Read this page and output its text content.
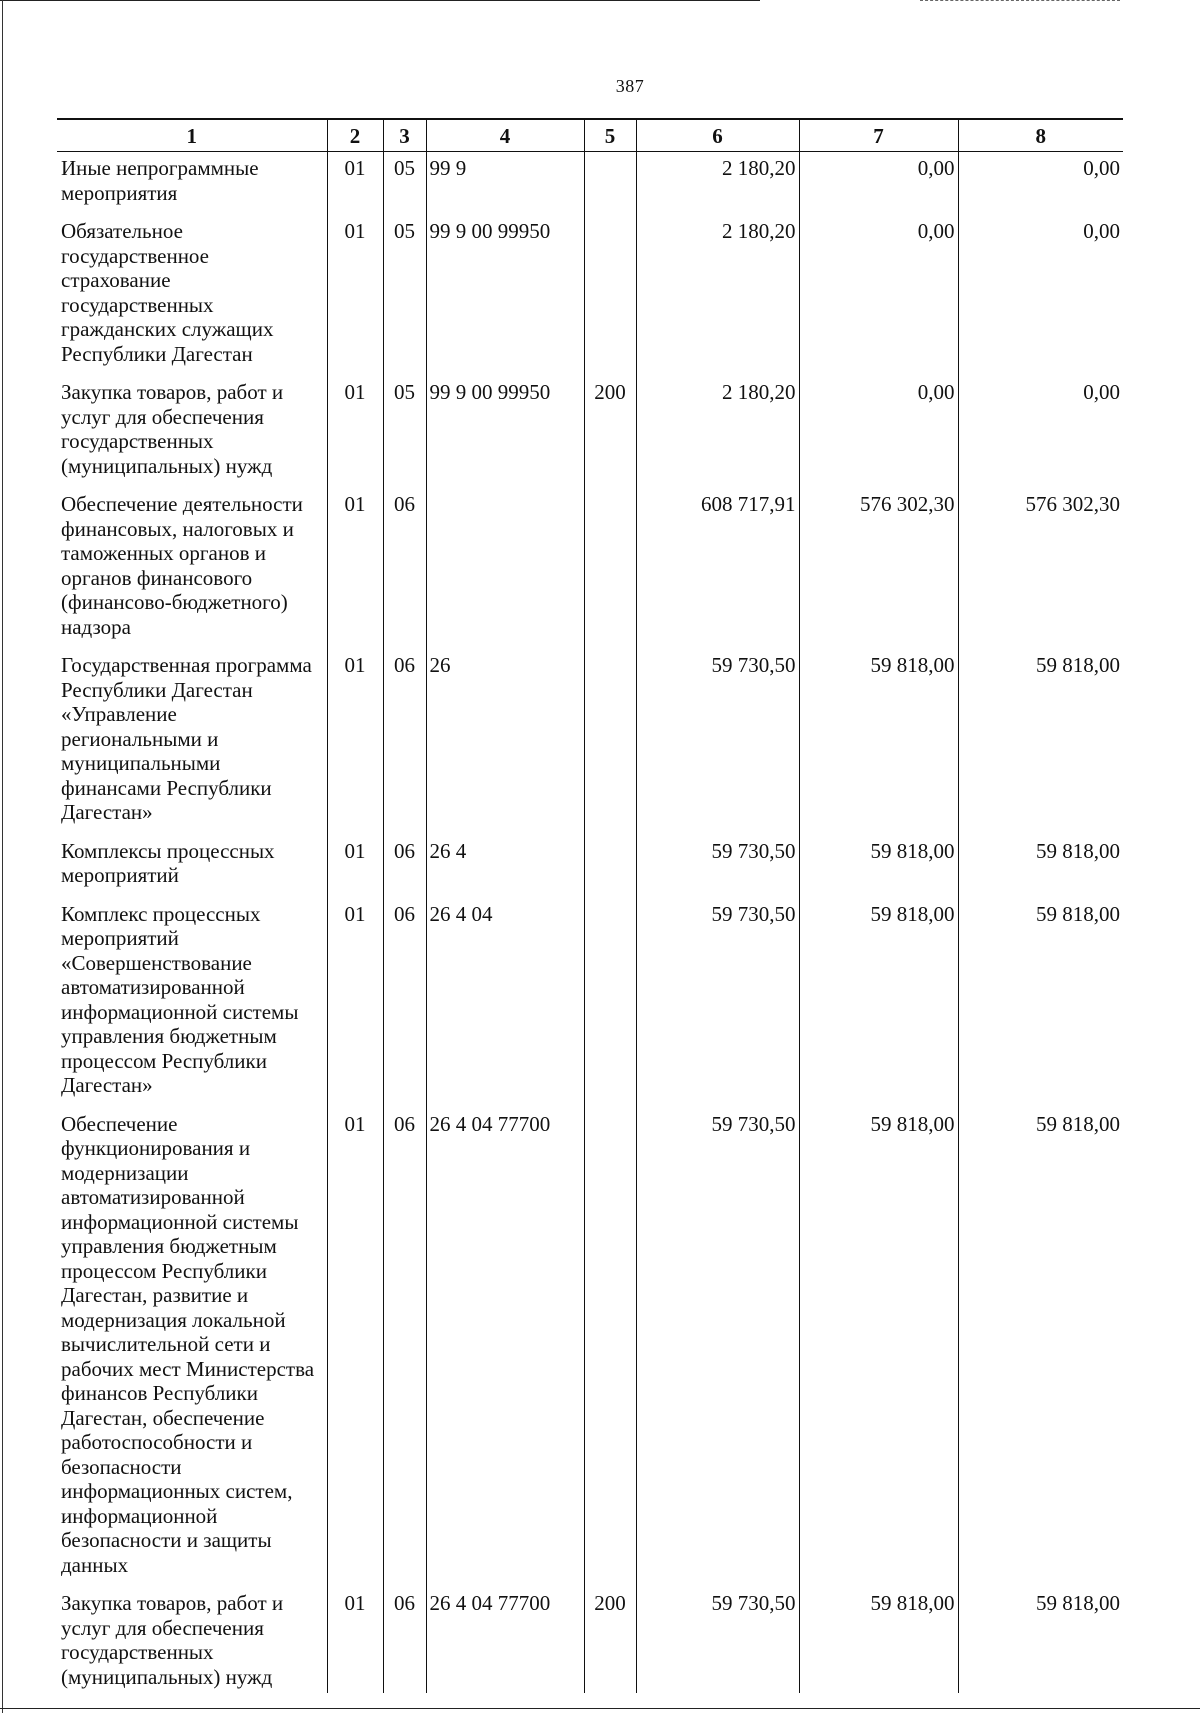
387
1	2	3	4	5	6	7	8
Иные непрограммные мероприятия	01	05	99 9		2 180,20	0,00	0,00
Обязательное государственное страхование государственных гражданских служащих Республики Дагестан	01	05	99 9 00 99950		2 180,20	0,00	0,00
Закупка товаров, работ и услуг для обеспечения государственных (муниципальных) нужд	01	05	99 9 00 99950	200	2 180,20	0,00	0,00
Обеспечение деятельности финансовых, налоговых и таможенных органов и органов финансового (финансово-бюджетного) надзора	01	06			608 717,91	576 302,30	576 302,30
Государственная программа Республики Дагестан «Управление региональными и муниципальными финансами Республики Дагестан»	01	06	26		59 730,50	59 818,00	59 818,00
Комплексы процессных мероприятий	01	06	26 4		59 730,50	59 818,00	59 818,00
Комплекс процессных мероприятий «Совершенствование автоматизированной информационной системы управления бюджетным процессом Республики Дагестан»	01	06	26 4 04		59 730,50	59 818,00	59 818,00
Обеспечение функционирования и модернизации автоматизированной информационной системы управления бюджетным процессом Республики Дагестан, развитие и модернизация локальной вычислительной сети и рабочих мест Министерства финансов Республики Дагестан, обеспечение работоспособности и безопасности информационных систем, информационной безопасности и защиты данных	01	06	26 4 04 77700		59 730,50	59 818,00	59 818,00
Закупка товаров, работ и услуг для обеспечения государственных (муниципальных) нужд	01	06	26 4 04 77700	200	59 730,50	59 818,00	59 818,00
